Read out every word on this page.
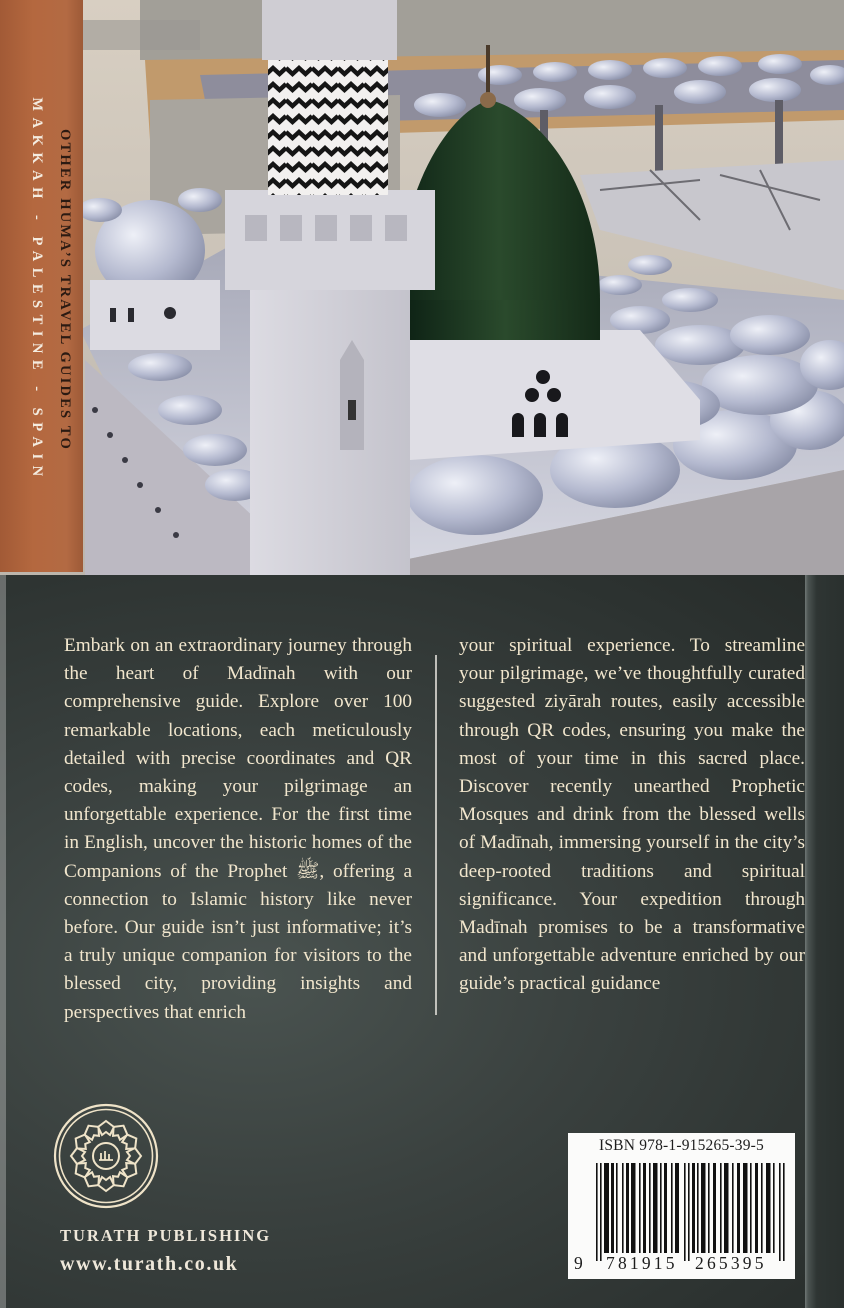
OTHER HUMA’S TRAVEL GUIDES TO
MAKKAH - PALESTINE - SPAIN

Embark on an extraordinary journey through the heart of Madīnah with our comprehensive guide. Explore over 100 remarkable locations, each meticulously detailed with precise coordinates and QR codes, making your pilgrimage an unforgettable experience. For the first time in English, uncover the historic homes of the Companions of the Prophet ﷺ, offering a connection to Islamic history like never before. Our guide isn’t just informative; it’s a truly unique companion for visitors to the blessed city, providing insights and perspectives that enrich

your spiritual experience. To streamline your pilgrimage, we’ve thoughtfully curated suggested ziyārah routes, easily accessible through QR codes, ensuring you make the most of your time in this sacred place. Discover recently unearthed Prophetic Mosques and drink from the blessed wells of Madīnah, immersing yourself in the city’s deep-rooted traditions and spiritual significance. Your expedition through Madīnah promises to be a transformative and unforgettable adventure enriched by our guide’s practical guidance

TURATH PUBLISHING
www.turath.co.uk
ISBN 978-1-915265-39-5
9 781915 265395
